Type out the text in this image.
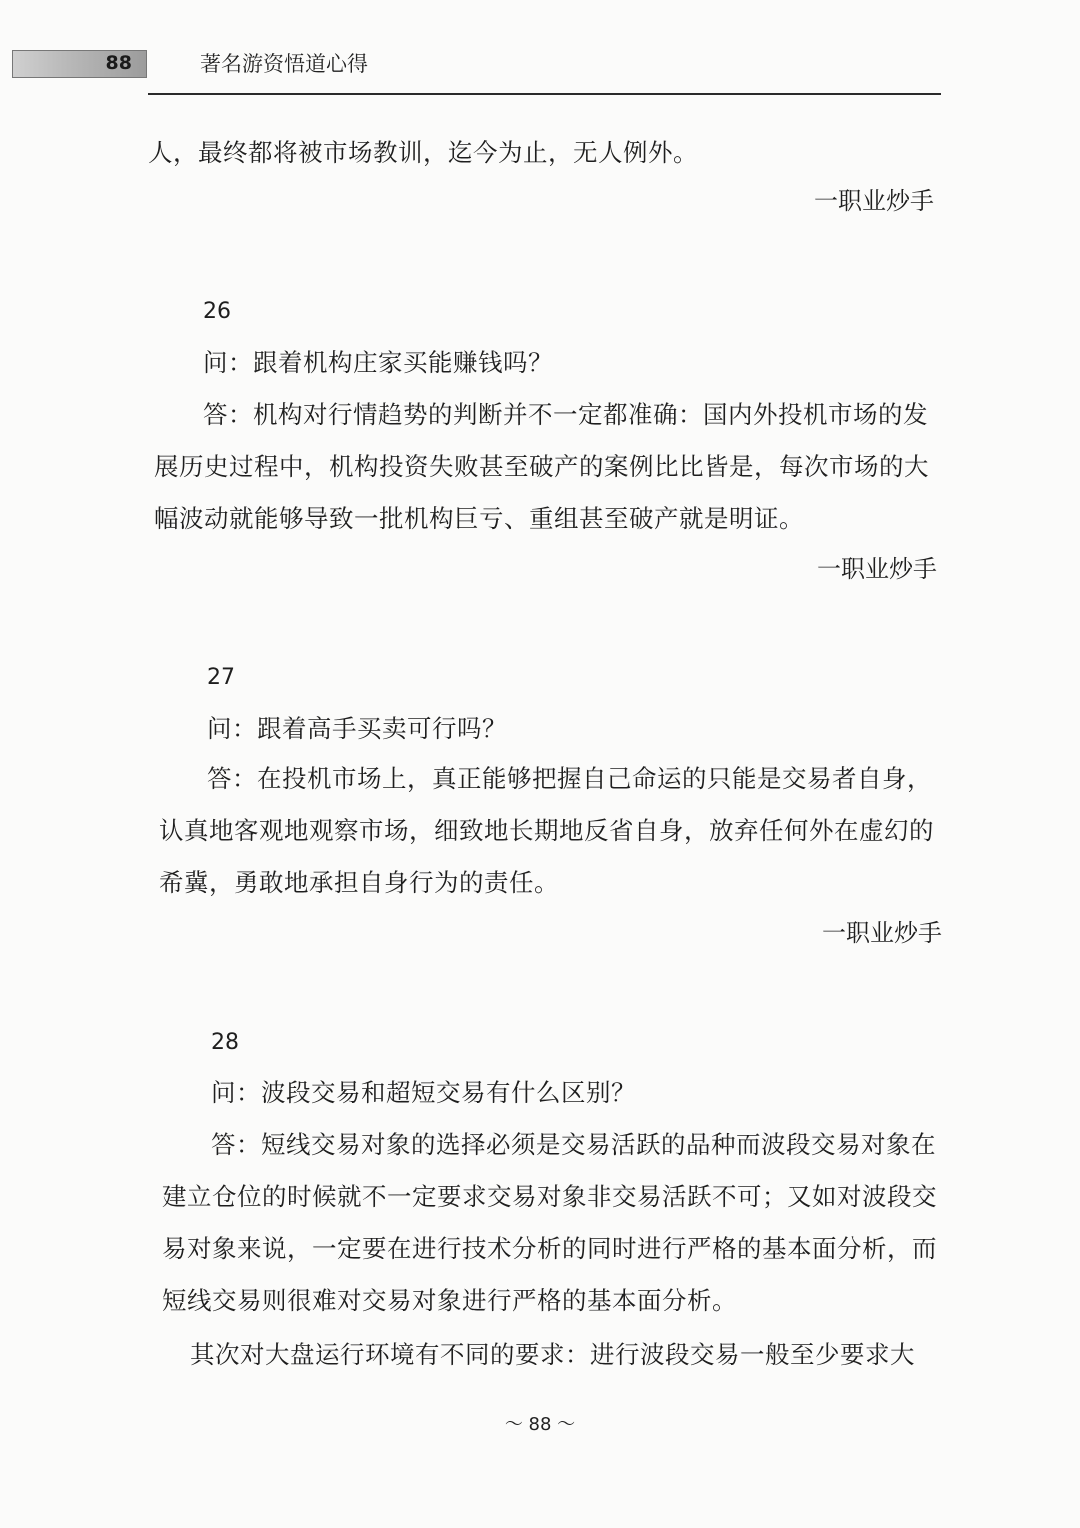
88	著名游资悟道心得
人，最终都将被市场教训，迄今为止，无人例外。
一职业炒手
26
问：跟着机构庄家买能赚钱吗？
答：机构对行情趋势的判断并不一定都准确：国内外投机市场的发
展历史过程中，机构投资失败甚至破产的案例比比皆是，每次市场的大
幅波动就能够导致一批机构巨亏、重组甚至破产就是明证。
一职业炒手
27
问：跟着高手买卖可行吗？
答：在投机市场上，真正能够把握自己命运的只能是交易者自身，
认真地客观地观察市场，细致地长期地反省自身，放弃任何外在虚幻的
希冀，勇敢地承担自身行为的责任。
一职业炒手
28
问：波段交易和超短交易有什么区别？
答：短线交易对象的选择必须是交易活跃的品种而波段交易对象在
建立仓位的时候就不一定要求交易对象非交易活跃不可；又如对波段交
易对象来说，一定要在进行技术分析的同时进行严格的基本面分析，而
短线交易则很难对交易对象进行严格的基本面分析。
其次对大盘运行环境有不同的要求：进行波段交易一般至少要求大
～ 88 ～
